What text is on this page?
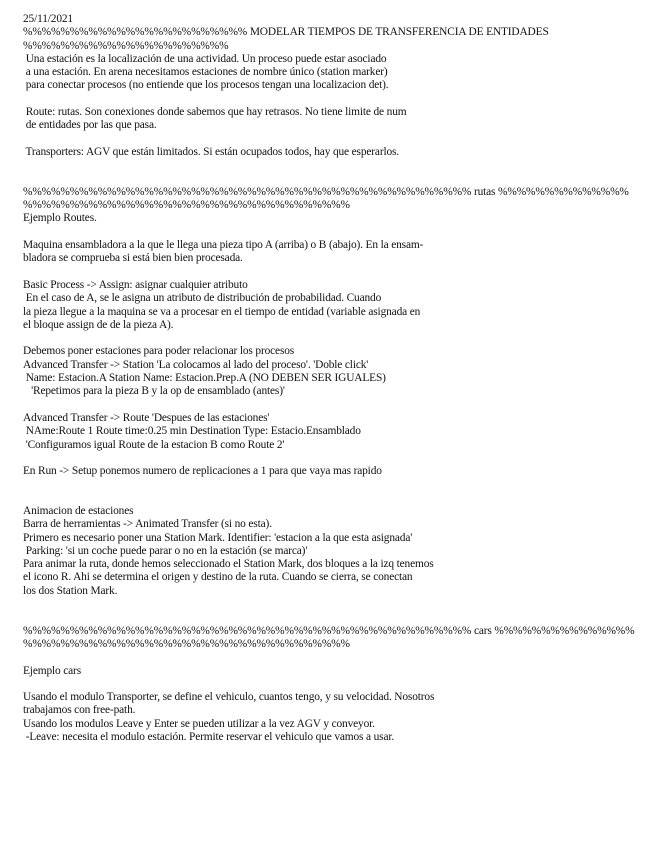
25/11/2021
%%%%%%%%%%%%%%%%%%%%%%%% MODELAR TIEMPOS DE TRANSFERENCIA DE ENTIDADES
%%%%%%%%%%%%%%%%%%%%%%
Una estación es la localización de una actividad. Un proceso puede estar asociado
a una estación. En arena necesitamos estaciones de nombre único (station marker)
para conectar procesos (no entiende que los procesos tengan una localizacion det).
Route: rutas. Son conexiones donde sabemos que hay retrasos. No tiene limite de num
de entidades por las que pasa.
Transporters: AGV que están limitados. Si están ocupados todos, hay que esperarlos.
%%%%%%%%%%%%%%%%%%%%%%%%%%%%%%%%%%%%%%%%%%%%%%%% rutas %%%%%%%%%%%%%%
%%%%%%%%%%%%%%%%%%%%%%%%%%%%%%%%%%%
Ejemplo Routes.
Maquina ensambladora a la que le llega una pieza tipo A (arriba) o B (abajo). En la ensam-
bladora se comprueba si está bien bien procesada.
Basic Process -> Assign: asignar cualquier atributo
En el caso de A, se le asigna un atributo de distribución de probabilidad. Cuando
la pieza llegue a la maquina se va a procesar en el tiempo de entidad (variable asignada en
el bloque assign de de la pieza A).
Debemos poner estaciones para poder relacionar los procesos
Advanced Transfer -> Station 'La colocamos al lado del proceso'. 'Doble click'
Name: Estacion.A Station Name: Estacion.Prep.A (NO DEBEN SER IGUALES)
'Repetimos para la pieza B y la op de ensamblado (antes)'
Advanced Transfer -> Route 'Despues de las estaciones'
NAme:Route 1 Route time:0.25 min Destination Type: Estacio.Ensamblado
'Configuramos igual Route de la estacion B como Route 2'
En Run -> Setup ponemos numero de replicaciones a 1 para que vaya mas rapido
Animacion de estaciones
Barra de herramientas -> Animated Transfer (si no esta).
Primero es necesario poner una Station Mark. Identifier: 'estacion a la que esta asignada'
Parking: 'si un coche puede parar o no en la estación (se marca)'
Para animar la ruta, donde hemos seleccionado el Station Mark, dos bloques a la izq tenemos
el icono R. Ahi se determina el origen y destino de la ruta. Cuando se cierra, se conectan
los dos Station Mark.
%%%%%%%%%%%%%%%%%%%%%%%%%%%%%%%%%%%%%%%%%%%%%%%% cars %%%%%%%%%%%%%%%
%%%%%%%%%%%%%%%%%%%%%%%%%%%%%%%%%%%
Ejemplo cars
Usando el modulo Transporter, se define el vehiculo, cuantos tengo, y su velocidad. Nosotros
trabajamos con free-path.
Usando los modulos Leave y Enter se pueden utilizar a la vez AGV y conveyor.
-Leave: necesita el modulo estación. Permite reservar el vehiculo que vamos a usar.
